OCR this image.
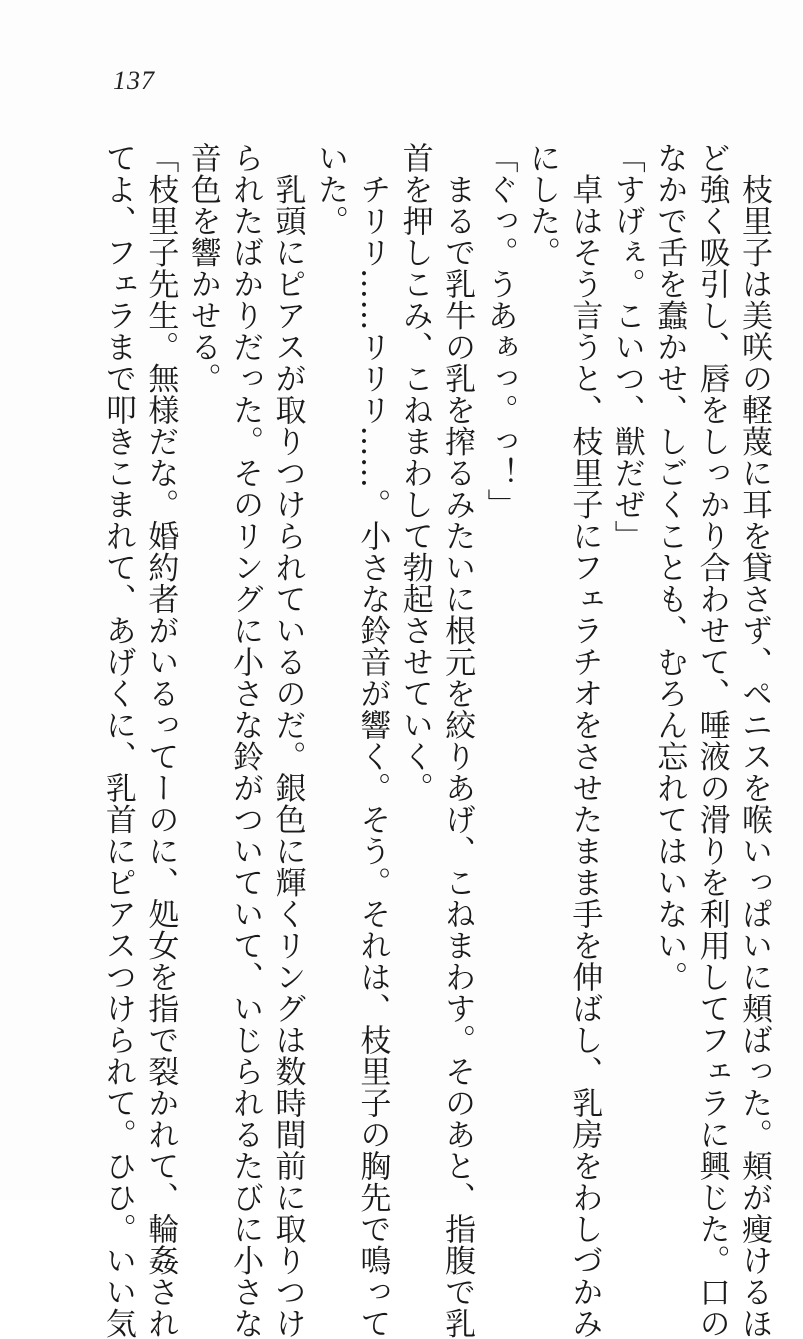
137
　枝里子は美咲の軽蔑に耳を貸さず、ペニスを喉いっぱいに頬ばった。頬が瘦けるほ
ど強く吸引し、唇をしっかり合わせて、唾液の滑りを利用してフェラに興じた。口の
なかで舌を蠢かせ、しごくことも、むろん忘れてはいない。
「すげぇ。こいつ、獣だぜ」
　卓はそう言うと、枝里子にフェラチオをさせたまま手を伸ばし、乳房をわしづかみ
にした。
「ぐっ。うあぁっ。っ！」
　まるで乳牛の乳を搾るみたいに根元を絞りあげ、こねまわす。そのあと、指腹で乳
首を押しこみ、こねまわして勃起させていく。
　チリリ……リリリ……。小さな鈴音が響く。そう。それは、枝里子の胸先で鳴って
いた。
　乳頭にピアスが取りつけられているのだ。銀色に輝くリングは数時間前に取りつけ
られたばかりだった。そのリングに小さな鈴がついていて、いじられるたびに小さな
音色を響かせる。
「枝里子先生。無様だな。婚約者がいるってーのに、処女を指で裂かれて、輪姦され
てよ、フェラまで叩きこまれて、あげくに、乳首にピアスつけられて。ひひ。いい気
